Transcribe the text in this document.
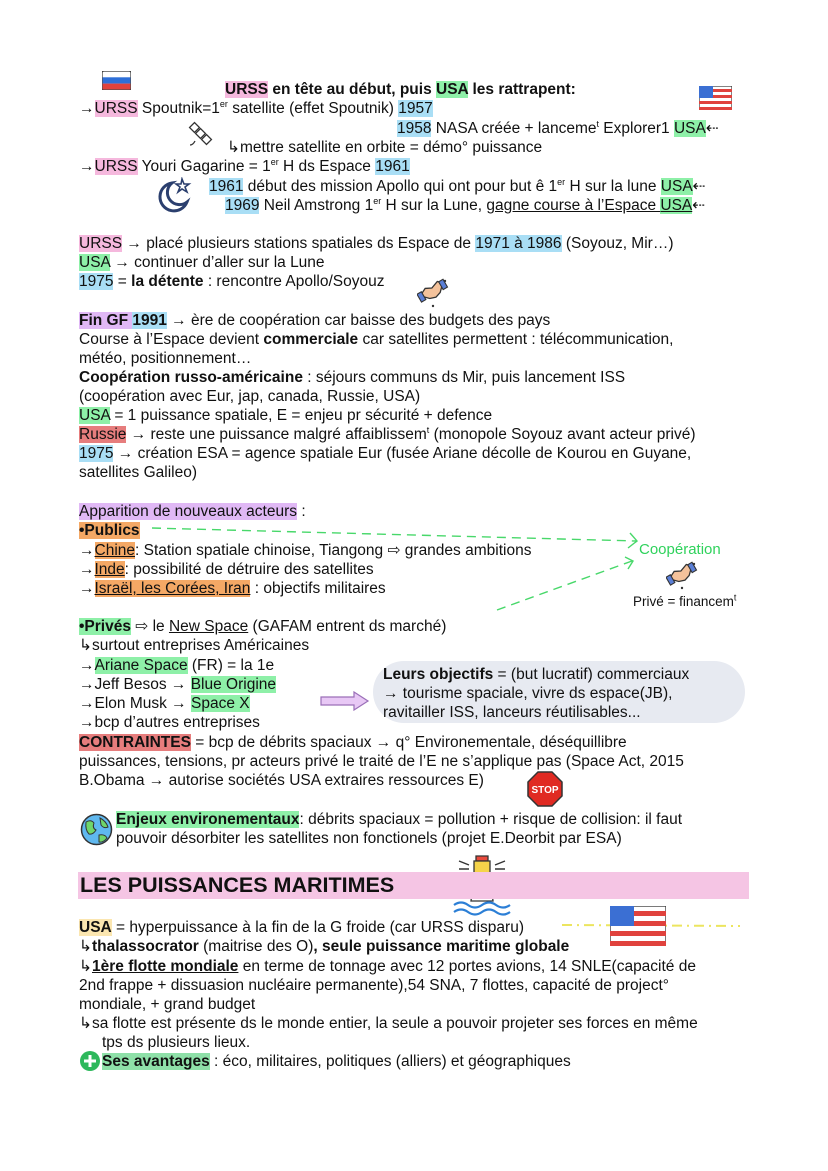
STOP
URSS en tête au début, puis USA les rattrapent:
→URSS Spoutnik=1er satellite (effet Spoutnik) 1957
1958 NASA créée + lanceme$^t$ Explorer1 USA⇠
↳mettre satellite en orbite = démo° puissance
→URSS Youri Gagarine = 1er H ds Espace 1961
1961 début des mission Apollo qui ont pour but ê 1er H sur la lune USA⇠
1969 Neil Amstrong 1er H sur la Lune, gagne course à l’Espace USA⇠
URSS → placé plusieurs stations spatiales ds Espace de 1971 à 1986 (Soyouz, Mir…)
USA → continuer d’aller sur la Lune
1975 = la détente : rencontre Apollo/Soyouz
Fin GF 1991 → ère de coopération car baisse des budgets des pays
Course à l’Espace devient commerciale car satellites permettent : télécommunication,
météo, positionnement…
Coopération russo-américaine : séjours communs ds Mir, puis lancement ISS
(coopération avec Eur, jap, canada, Russie, USA)
USA = 1 puissance spatiale, E = enjeu pr sécurité + defence
Russie → reste une puissance malgré affaiblissem$^t$ (monopole Soyouz avant acteur privé)
1975 → création ESA = agence spatiale Eur (fusée Ariane décolle de Kourou en Guyane,
satellites Galileo)
Apparition de nouveaux acteurs :
•Publics
→Chine: Station spatiale chinoise, Tiangong ⇨ grandes ambitions
→Inde: possibilité de détruire des satellites
→Israël, les Corées, Iran : objectifs militaires
Coopération
Privé = financem$^t$
•Privés ⇨ le New Space (GAFAM entrent ds marché)
↳surtout entreprises Américaines
→Ariane Space (FR) = la 1e
→Jeff Besos → Blue Origine
→Elon Musk → Space X
→bcp d’autres entreprises
Leurs objectifs = (but lucratif) commerciaux
→ tourisme spaciale, vivre ds espace(JB),
ravitailler ISS, lanceurs réutilisables...
CONTRAINTES = bcp de débrits spaciaux → q° Environementale, déséquillibre
puissances, tensions, pr acteurs privé le traité de l’E ne s’applique pas (Space Act, 2015
B.Obama → autorise sociétés USA extraires ressources E)
Enjeux environementaux: débrits spaciaux = pollution + risque de collision: il faut
pouvoir désorbiter les satellites non fonctionels (projet E.Deorbit par ESA)
LES PUISSANCES MARITIMES
USA = hyperpuissance à la fin de la G froide (car URSS disparu)
↳thalassocrator (maitrise des O), seule puissance maritime globale
↳1ère flotte mondiale en terme de tonnage avec 12 portes avions, 14 SNLE(capacité de
2nd frappe + dissuasion nucléaire permanente),54 SNA, 7 flottes, capacité de project°
mondiale, + grand budget
↳sa flotte est présente ds le monde entier, la seule a pouvoir projeter ses forces en même
tps ds plusieurs lieux.
Ses avantages : éco, militaires, politiques (alliers) et géographiques
